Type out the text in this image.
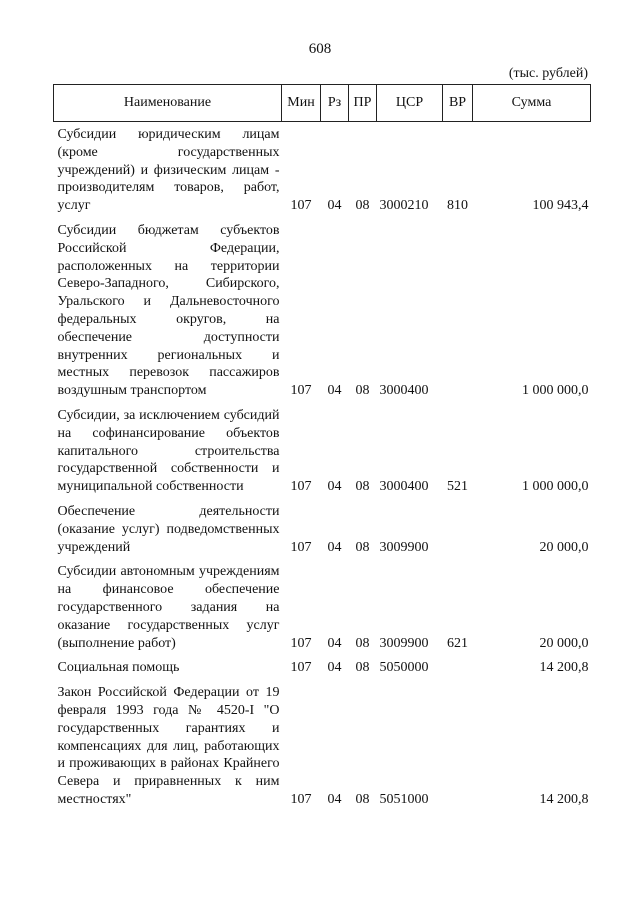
608
(тыс. рублей)
Наименование	Мин	Рз	ПР	ЦСР	ВР	Сумма
Субсидии юридическим лицам (кроме государственных учреждений) и физическим лицам - производителям товаров, работ, услуг	107	04	08	3000210	810	100 943,4
Субсидии бюджетам субъектов Российской Федерации, расположенных на территории Северо-Западного, Сибирского, Уральского и Дальневосточного федеральных округов, на обеспечение доступности внутренних региональных и местных перевозок пассажиров воздушным транспортом	107	04	08	3000400		1 000 000,0
Субсидии, за исключением субсидий на софинансирование объектов капитального строительства государственной собственности и муниципальной собственности	107	04	08	3000400	521	1 000 000,0
Обеспечение деятельности (оказание услуг) подведомственных учреждений	107	04	08	3009900		20 000,0
Субсидии автономным учреждениям на финансовое обеспечение государственного задания на оказание государственных услуг (выполнение работ)	107	04	08	3009900	621	20 000,0
Социальная помощь	107	04	08	5050000		14 200,8
Закон Российской Федерации от 19 февраля 1993 года № 4520-I "О государственных гарантиях и компенсациях для лиц, работающих и проживающих в районах Крайнего Севера и приравненных к ним местностях"	107	04	08	5051000		14 200,8
